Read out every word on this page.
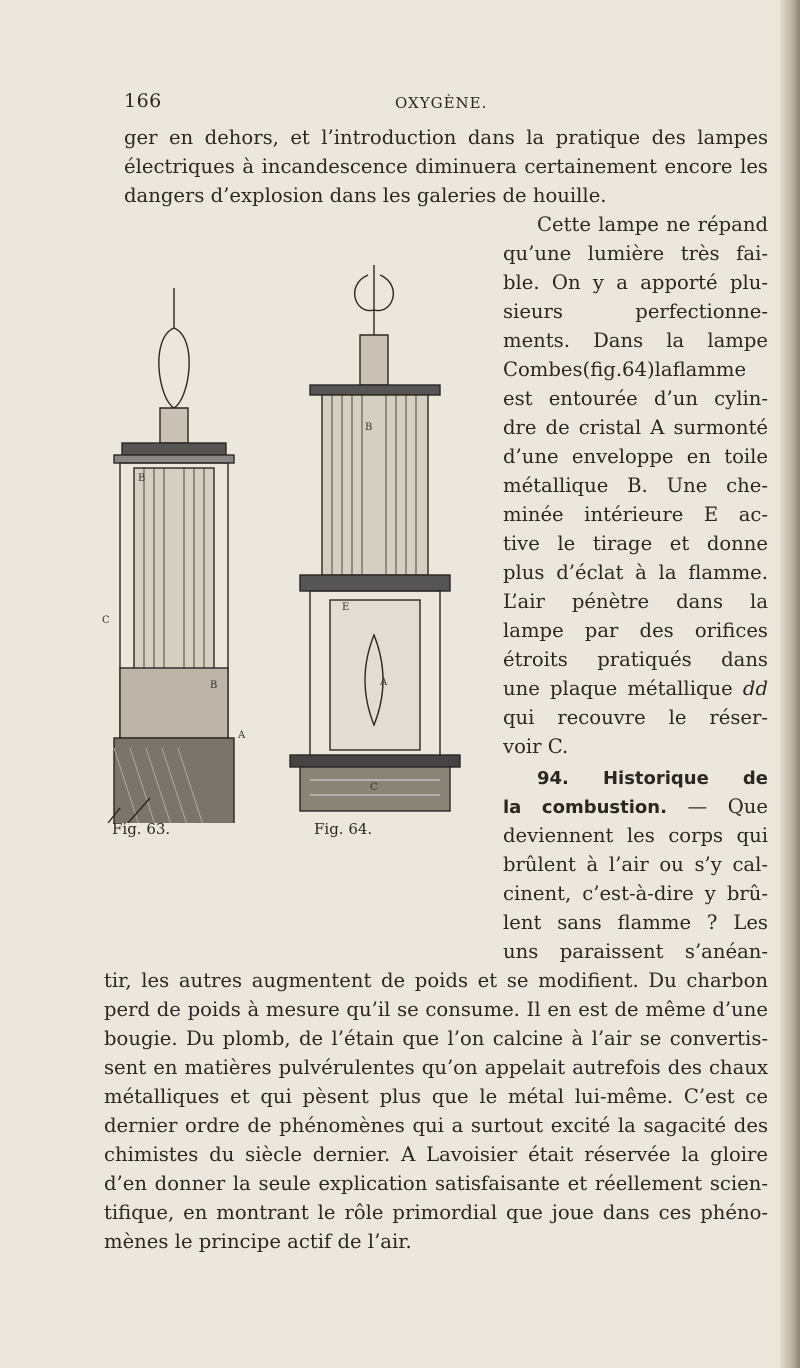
166	OXYGÈNE.
ger en dehors, et l’introduction dans la pratique des lampes
électriques à incandescence diminuera certainement encore les
dangers d’explosion dans les galeries de houille.
Cette lampe ne répand
qu’une lumière très fai-
ble. On y a apporté plu-
sieurs perfectionne-
ments. Dans la lampe
Combes(fig.64)laflamme
est entourée d’un cylin-
dre de cristal A surmonté
d’une enveloppe en toile
métallique B. Une che-
minée intérieure E ac-
tive le tirage et donne
plus d’éclat à la flamme.
L’air pénètre dans la
lampe par des orifices
étroits pratiqués dans
une plaque métallique dd
qui recouvre le réser-
voir C.
94. Historique de
la combustion. — Que
deviennent les corps qui
brûlent à l’air ou s’y cal-
cinent, c’est-à-dire y brû-
lent sans flamme ? Les
uns paraissent s’anéan-
tir, les autres augmentent de poids et se modifient. Du charbon
perd de poids à mesure qu’il se consume. Il en est de même d’une
bougie. Du plomb, de l’étain que l’on calcine à l’air se convertis-
sent en matières pulvérulentes qu’on appelait autrefois des chaux
métalliques et qui pèsent plus que le métal lui-même. C’est ce
dernier ordre de phénomènes qui a surtout excité la sagacité des
chimistes du siècle dernier. A Lavoisier était réservée la gloire
d’en donner la seule explication satisfaisante et réellement scien-
tifique, en montrant le rôle primordial que joue dans ces phéno-
mènes le principe actif de l’air.
B
C
B
A
Fig. 63.
B
E
A
C
Fig. 64.
